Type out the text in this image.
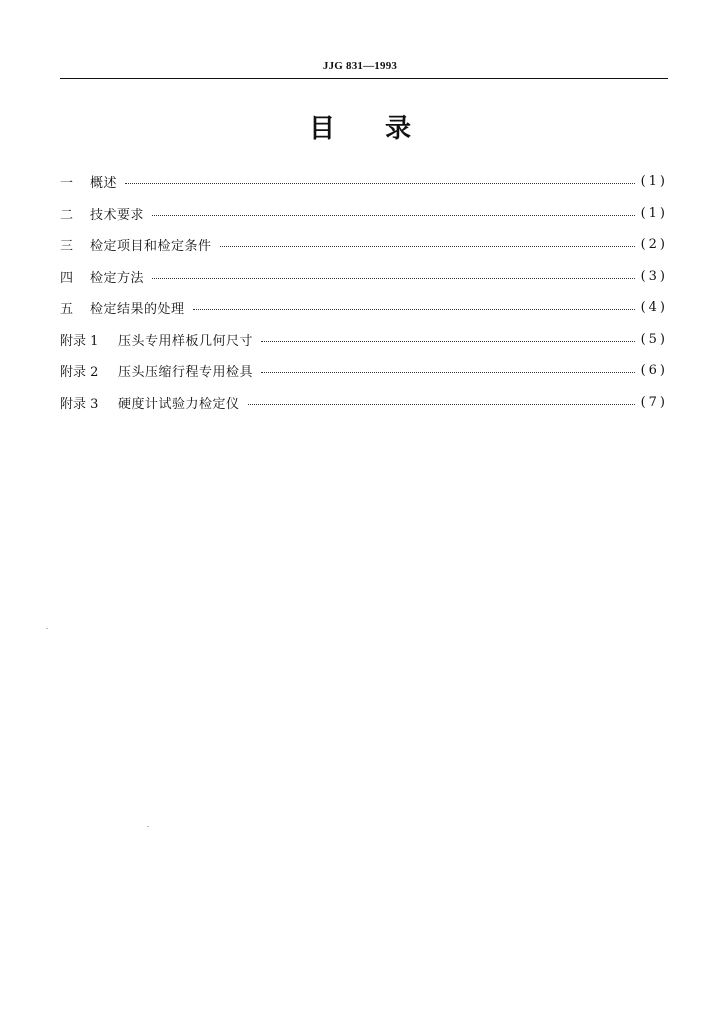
JJG 831—1993
目 录
一	概述	(1)
二	技术要求	(1)
三	检定项目和检定条件	(2)
四	检定方法	(3)
五	检定结果的处理	(4)
附录 1	压头专用样板几何尺寸	(5)
附录 2	压头压缩行程专用检具	(6)
附录 3	硬度计试验力检定仪	(7)
